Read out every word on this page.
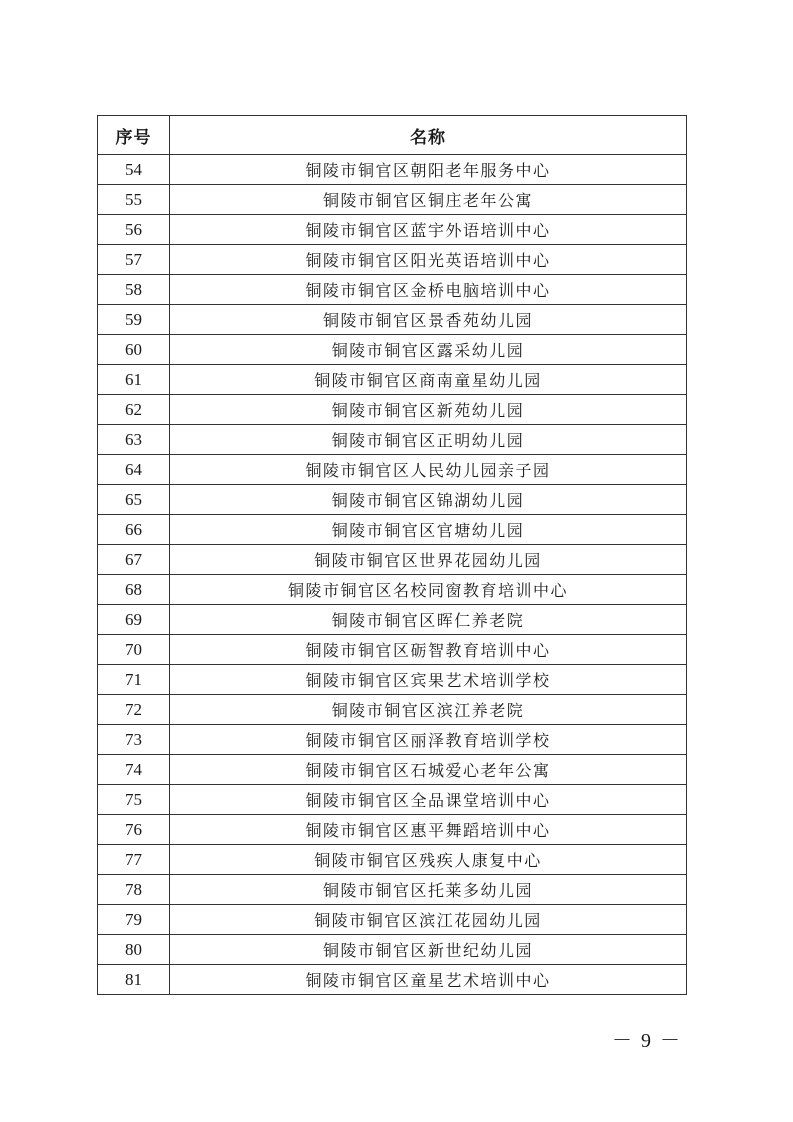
序号	名称
54	铜陵市铜官区朝阳老年服务中心
55	铜陵市铜官区铜庄老年公寓
56	铜陵市铜官区蓝宇外语培训中心
57	铜陵市铜官区阳光英语培训中心
58	铜陵市铜官区金桥电脑培训中心
59	铜陵市铜官区景香苑幼儿园
60	铜陵市铜官区露采幼儿园
61	铜陵市铜官区商南童星幼儿园
62	铜陵市铜官区新苑幼儿园
63	铜陵市铜官区正明幼儿园
64	铜陵市铜官区人民幼儿园亲子园
65	铜陵市铜官区锦湖幼儿园
66	铜陵市铜官区官塘幼儿园
67	铜陵市铜官区世界花园幼儿园
68	铜陵市铜官区名校同窗教育培训中心
69	铜陵市铜官区晖仁养老院
70	铜陵市铜官区砺智教育培训中心
71	铜陵市铜官区宾果艺术培训学校
72	铜陵市铜官区滨江养老院
73	铜陵市铜官区丽泽教育培训学校
74	铜陵市铜官区石城爱心老年公寓
75	铜陵市铜官区全品课堂培训中心
76	铜陵市铜官区惠平舞蹈培训中心
77	铜陵市铜官区残疾人康复中心
78	铜陵市铜官区托莱多幼儿园
79	铜陵市铜官区滨江花园幼儿园
80	铜陵市铜官区新世纪幼儿园
81	铜陵市铜官区童星艺术培训中心
－ 9 －
